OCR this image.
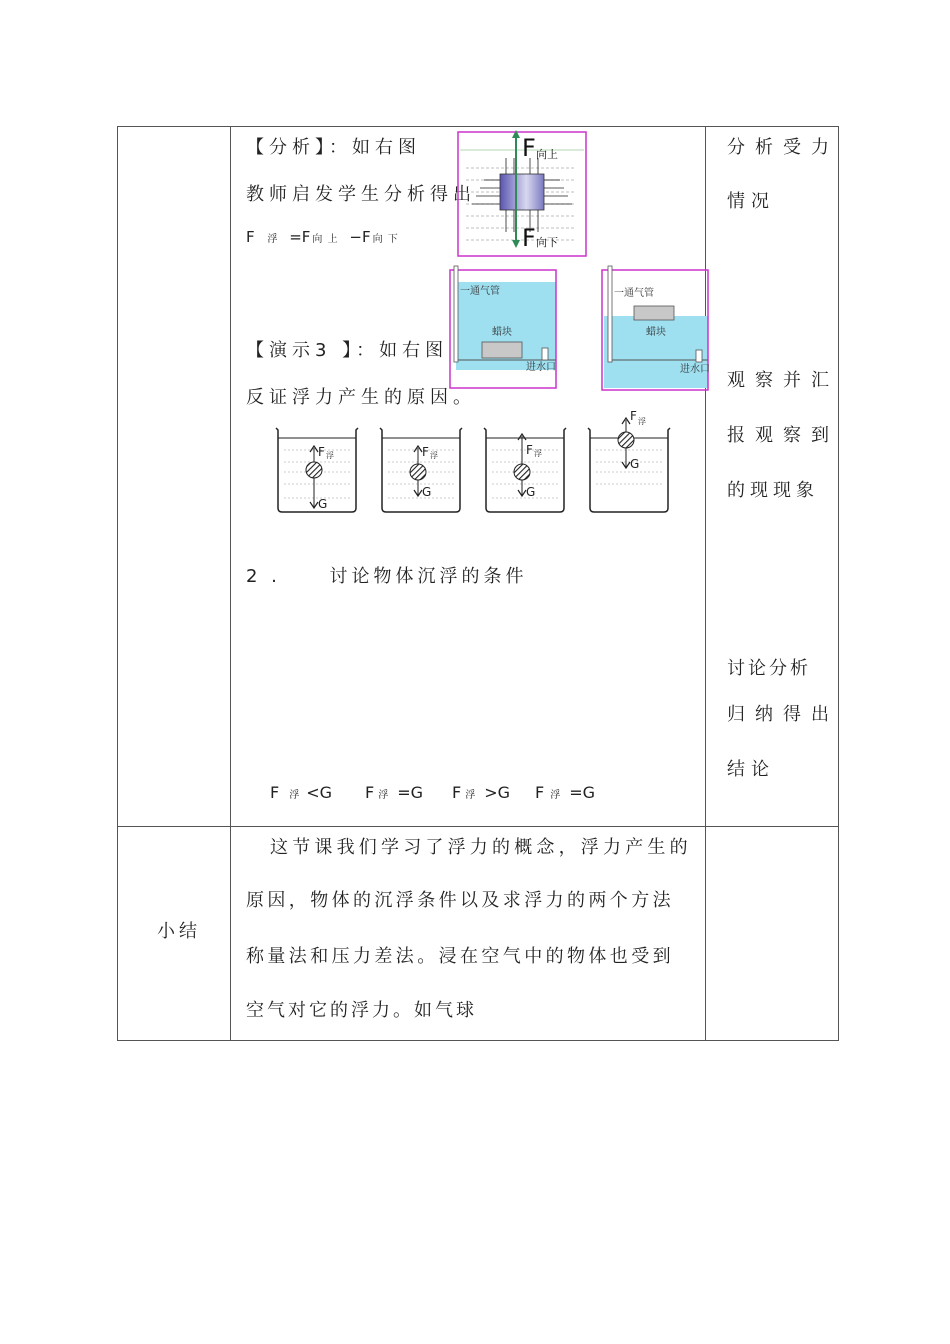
【分析】：如右图
教师启发学生分析得出
F 浮 =F 向 上 −F 向 下
【演示3 】：如右图
反证浮力产生的原因。
2 .     讨论物体沉浮的条件
F 浮 <G F浮 =G F浮 >G F浮 =G
分析受力
情况
观察并汇
报观察到
的现现象
讨论分析
归纳得出
结论
小结
这节课我们学习了浮力的概念，浮力产生的
原因，物体的沉浮条件以及求浮力的两个方法
称量法和压力差法。浸在空气中的物体也受到
空气对它的浮力。如气球
F 向上
F 向下
一通气管
蜡块
进水口
一通气管
蜡块
进水口
F 浮
G
F 浮
G
F 浮
G
F 浮
G
